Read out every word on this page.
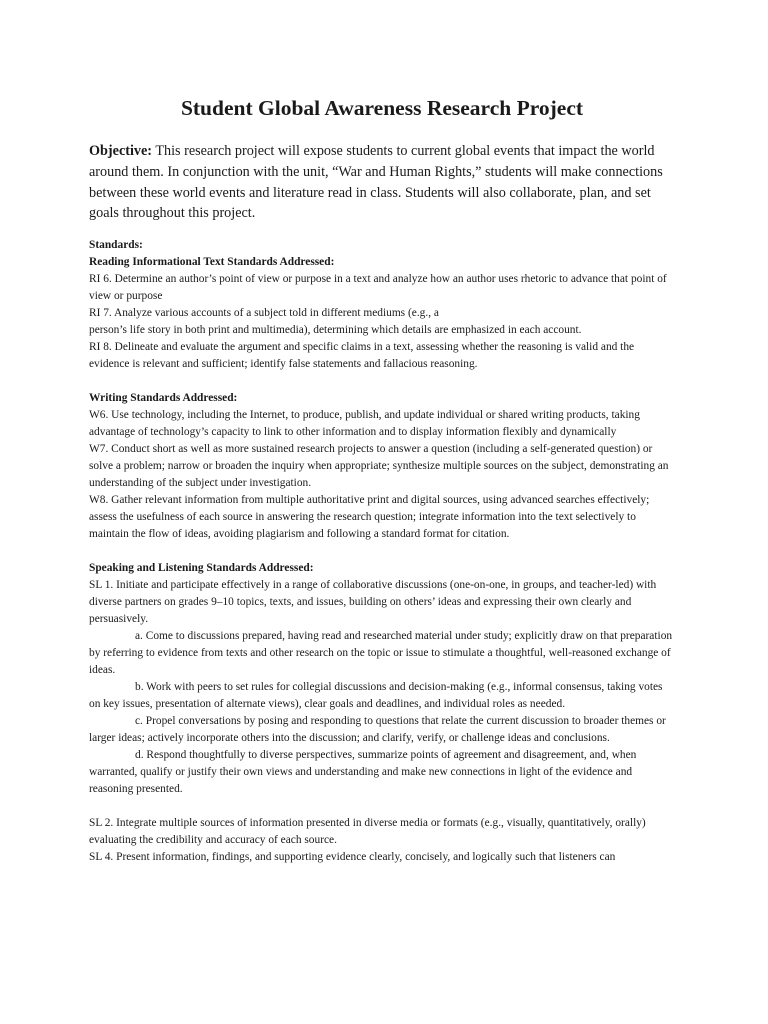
Student Global Awareness Research Project

Objective: This research project will expose students to current global events that impact the world around them. In conjunction with the unit, “War and Human Rights,” students will make connections between these world events and literature read in class. Students will also collaborate, plan, and set goals throughout this project.

Standards:

Reading Informational Text Standards Addressed:

RI 6. Determine an author’s point of view or purpose in a text and analyze how an author uses rhetoric to advance that point of view or purpose

RI 7. Analyze various accounts of a subject told in different mediums (e.g., a

person’s life story in both print and multimedia), determining which details are emphasized in each account.

RI 8. Delineate and evaluate the argument and specific claims in a text, assessing whether the reasoning is valid and the evidence is relevant and sufficient; identify false statements and fallacious reasoning.

Writing Standards Addressed:

W6. Use technology, including the Internet, to produce, publish, and update individual or shared writing products, taking advantage of technology’s capacity to link to other information and to display information flexibly and dynamically

W7. Conduct short as well as more sustained research projects to answer a question (including a self-generated question) or solve a problem; narrow or broaden the inquiry when appropriate; synthesize multiple sources on the subject, demonstrating an understanding of the subject under investigation.

W8. Gather relevant information from multiple authoritative print and digital sources, using advanced searches effectively; assess the usefulness of each source in answering the research question; integrate information into the text selectively to maintain the flow of ideas, avoiding plagiarism and following a standard format for citation.

Speaking and Listening Standards Addressed:

SL 1. Initiate and participate effectively in a range of collaborative discussions (one-on-one, in groups, and teacher-led) with diverse partners on grades 9–10 topics, texts, and issues, building on others’ ideas and expressing their own clearly and persuasively.

a. Come to discussions prepared, having read and researched material under study; explicitly draw on that preparation by referring to evidence from texts and other research on the topic or issue to stimulate a thoughtful, well-reasoned exchange of ideas.

b. Work with peers to set rules for collegial discussions and decision-making (e.g., informal consensus, taking votes on key issues, presentation of alternate views), clear goals and deadlines, and individual roles as needed.

c. Propel conversations by posing and responding to questions that relate the current discussion to broader themes or larger ideas; actively incorporate others into the discussion; and clarify, verify, or challenge ideas and conclusions.

d. Respond thoughtfully to diverse perspectives, summarize points of agreement and disagreement, and, when warranted, qualify or justify their own views and understanding and make new connections in light of the evidence and reasoning presented.

SL 2. Integrate multiple sources of information presented in diverse media or formats (e.g., visually, quantitatively, orally) evaluating the credibility and accuracy of each source.

SL 4. Present information, findings, and supporting evidence clearly, concisely, and logically such that listeners can
